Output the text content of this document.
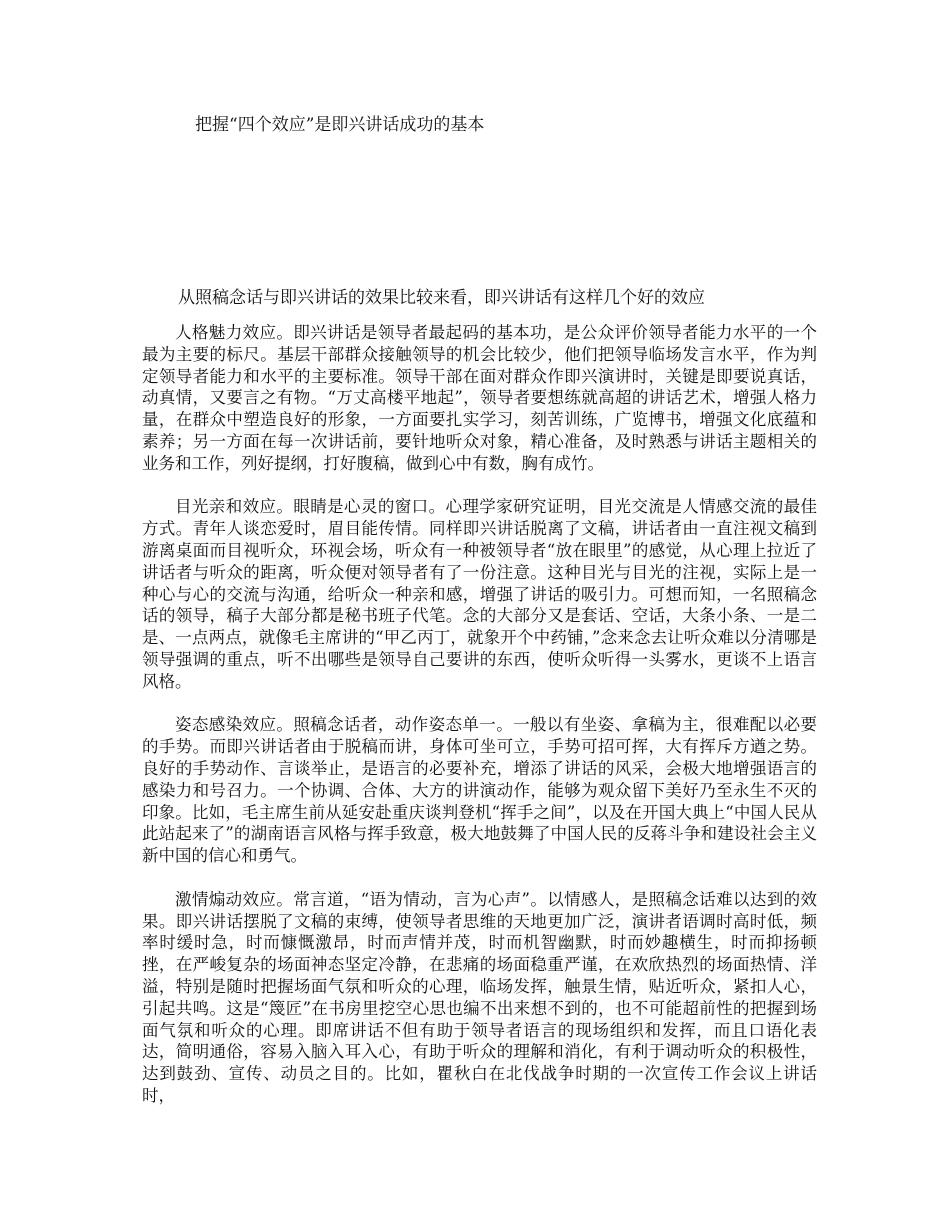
把握“四个效应”是即兴讲话成功的基本
从照稿念话与即兴讲话的效果比较来看，即兴讲话有这样几个好的效应

人格魅力效应。即兴讲话是领导者最起码的基本功，是公众评价领导者能力水平的一个最为主要的标尺。基层干部群众接触领导的机会比较少，他们把领导临场发言水平，作为判定领导者能力和水平的主要标准。领导干部在面对群众作即兴演讲时，关键是即要说真话，动真情，又要言之有物。“万丈高楼平地起”，领导者要想练就高超的讲话艺术，增强人格力量，在群众中塑造良好的形象，一方面要扎实学习，刻苦训练，广览博书，增强文化底蕴和素养；另一方面在每一次讲话前，要针地听众对象，精心准备，及时熟悉与讲话主题相关的业务和工作，列好提纲，打好腹稿，做到心中有数，胸有成竹。

目光亲和效应。眼睛是心灵的窗口。心理学家研究证明，目光交流是人情感交流的最佳方式。青年人谈恋爱时，眉目能传情。同样即兴讲话脱离了文稿，讲话者由一直注视文稿到游离桌面而目视听众，环视会场，听众有一种被领导者“放在眼里”的感觉，从心理上拉近了讲话者与听众的距离，听众便对领导者有了一份注意。这种目光与目光的注视，实际上是一种心与心的交流与沟通，给听众一种亲和感，增强了讲话的吸引力。可想而知，一名照稿念话的领导，稿子大部分都是秘书班子代笔。念的大部分又是套话、空话，大条小条、一是二是、一点两点，就像毛主席讲的“甲乙丙丁，就象开个中药铺，”念来念去让听众难以分清哪是领导强调的重点，听不出哪些是领导自己要讲的东西，使听众听得一头雾水，更谈不上语言风格。

姿态感染效应。照稿念话者，动作姿态单一。一般以有坐姿、拿稿为主，很难配以必要的手势。而即兴讲话者由于脱稿而讲，身体可坐可立，手势可招可挥，大有挥斥方遒之势。良好的手势动作、言谈举止，是语言的必要补充，增添了讲话的风采，会极大地增强语言的感染力和号召力。一个协调、合体、大方的讲演动作，能够为观众留下美好乃至永生不灭的印象。比如，毛主席生前从延安赴重庆谈判登机“挥手之间”，以及在开国大典上“中国人民从此站起来了”的湖南语言风格与挥手致意，极大地鼓舞了中国人民的反蒋斗争和建设社会主义新中国的信心和勇气。

激情煽动效应。常言道，“语为情动，言为心声”。以情感人，是照稿念话难以达到的效果。即兴讲话摆脱了文稿的束缚，使领导者思维的天地更加广泛，演讲者语调时高时低，频率时缓时急，时而慷慨激昂，时而声情并茂，时而机智幽默，时而妙趣横生，时而抑扬顿挫，在严峻复杂的场面神态坚定冷静，在悲痛的场面稳重严谨，在欢欣热烈的场面热情、洋溢，特别是随时把握场面气氛和听众的心理，临场发挥，触景生情，贴近听众，紧扣人心，引起共鸣。这是“篾匠”在书房里挖空心思也编不出来想不到的，也不可能超前性的把握到场面气氛和听众的心理。即席讲话不但有助于领导者语言的现场组织和发挥，而且口语化表达，简明通俗，容易入脑入耳入心，有助于听众的理解和消化，有利于调动听众的积极性，达到鼓劲、宣传、动员之目的。比如，瞿秋白在北伐战争时期的一次宣传工作会议上讲话时，
